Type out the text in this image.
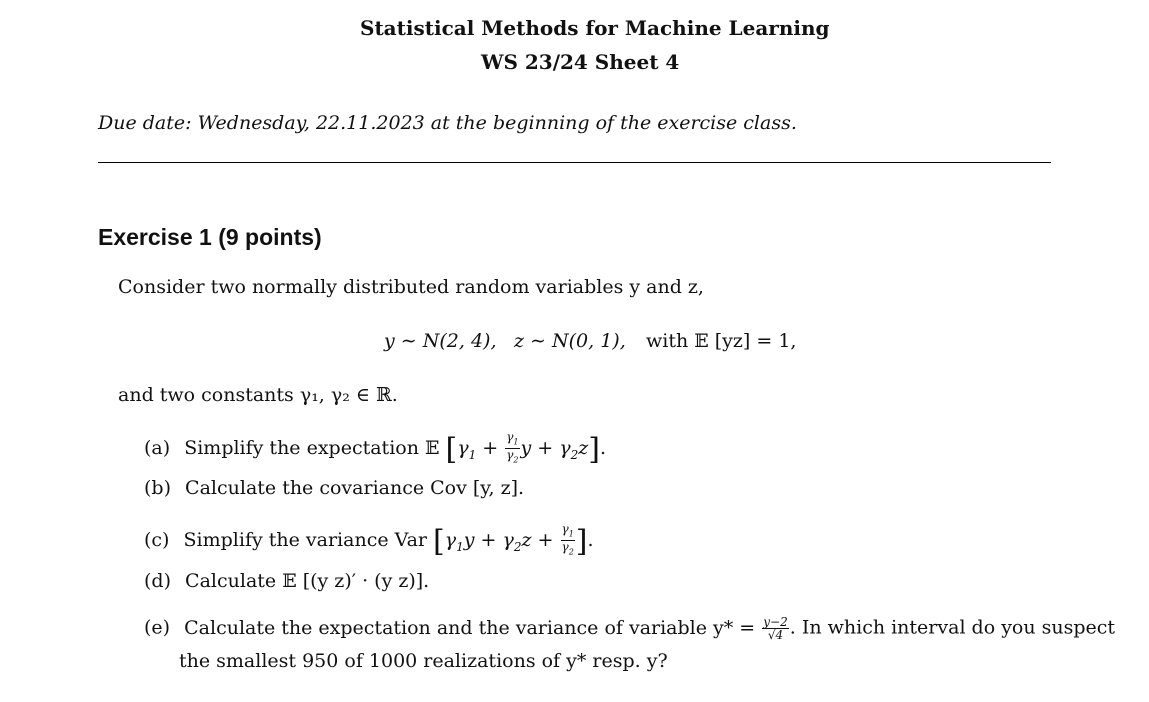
Statistical Methods for Machine Learning
WS 23/24 Sheet 4
Due date: Wednesday, 22.11.2023 at the beginning of the exercise class.
Exercise 1 (9 points)
Consider two normally distributed random variables y and z,
y ∼ N(2, 4), z ∼ N(0, 1), with 𝔼 [yz] = 1,
and two constants γ₁, γ₂ ∈ ℝ.
(a) Simplify the expectation 𝔼 [$\gamma_1 + \frac{\gamma_1}{\gamma_2}$ $y + \gamma_2z$].
(b) Calculate the covariance Cov [y, z].
(c) Simplify the variance Var [$\gamma_1y + \gamma_2z + \frac{\gamma_1}{\gamma_2}$ ].
(d) Calculate 𝔼 [(y z)′ · (y z)].
(e) Calculate the expectation and the variance of variable $y* = \frac{y-2}{√4}$ . In which interval do you suspect
the smallest 950 of 1000 realizations of y* resp. y?
